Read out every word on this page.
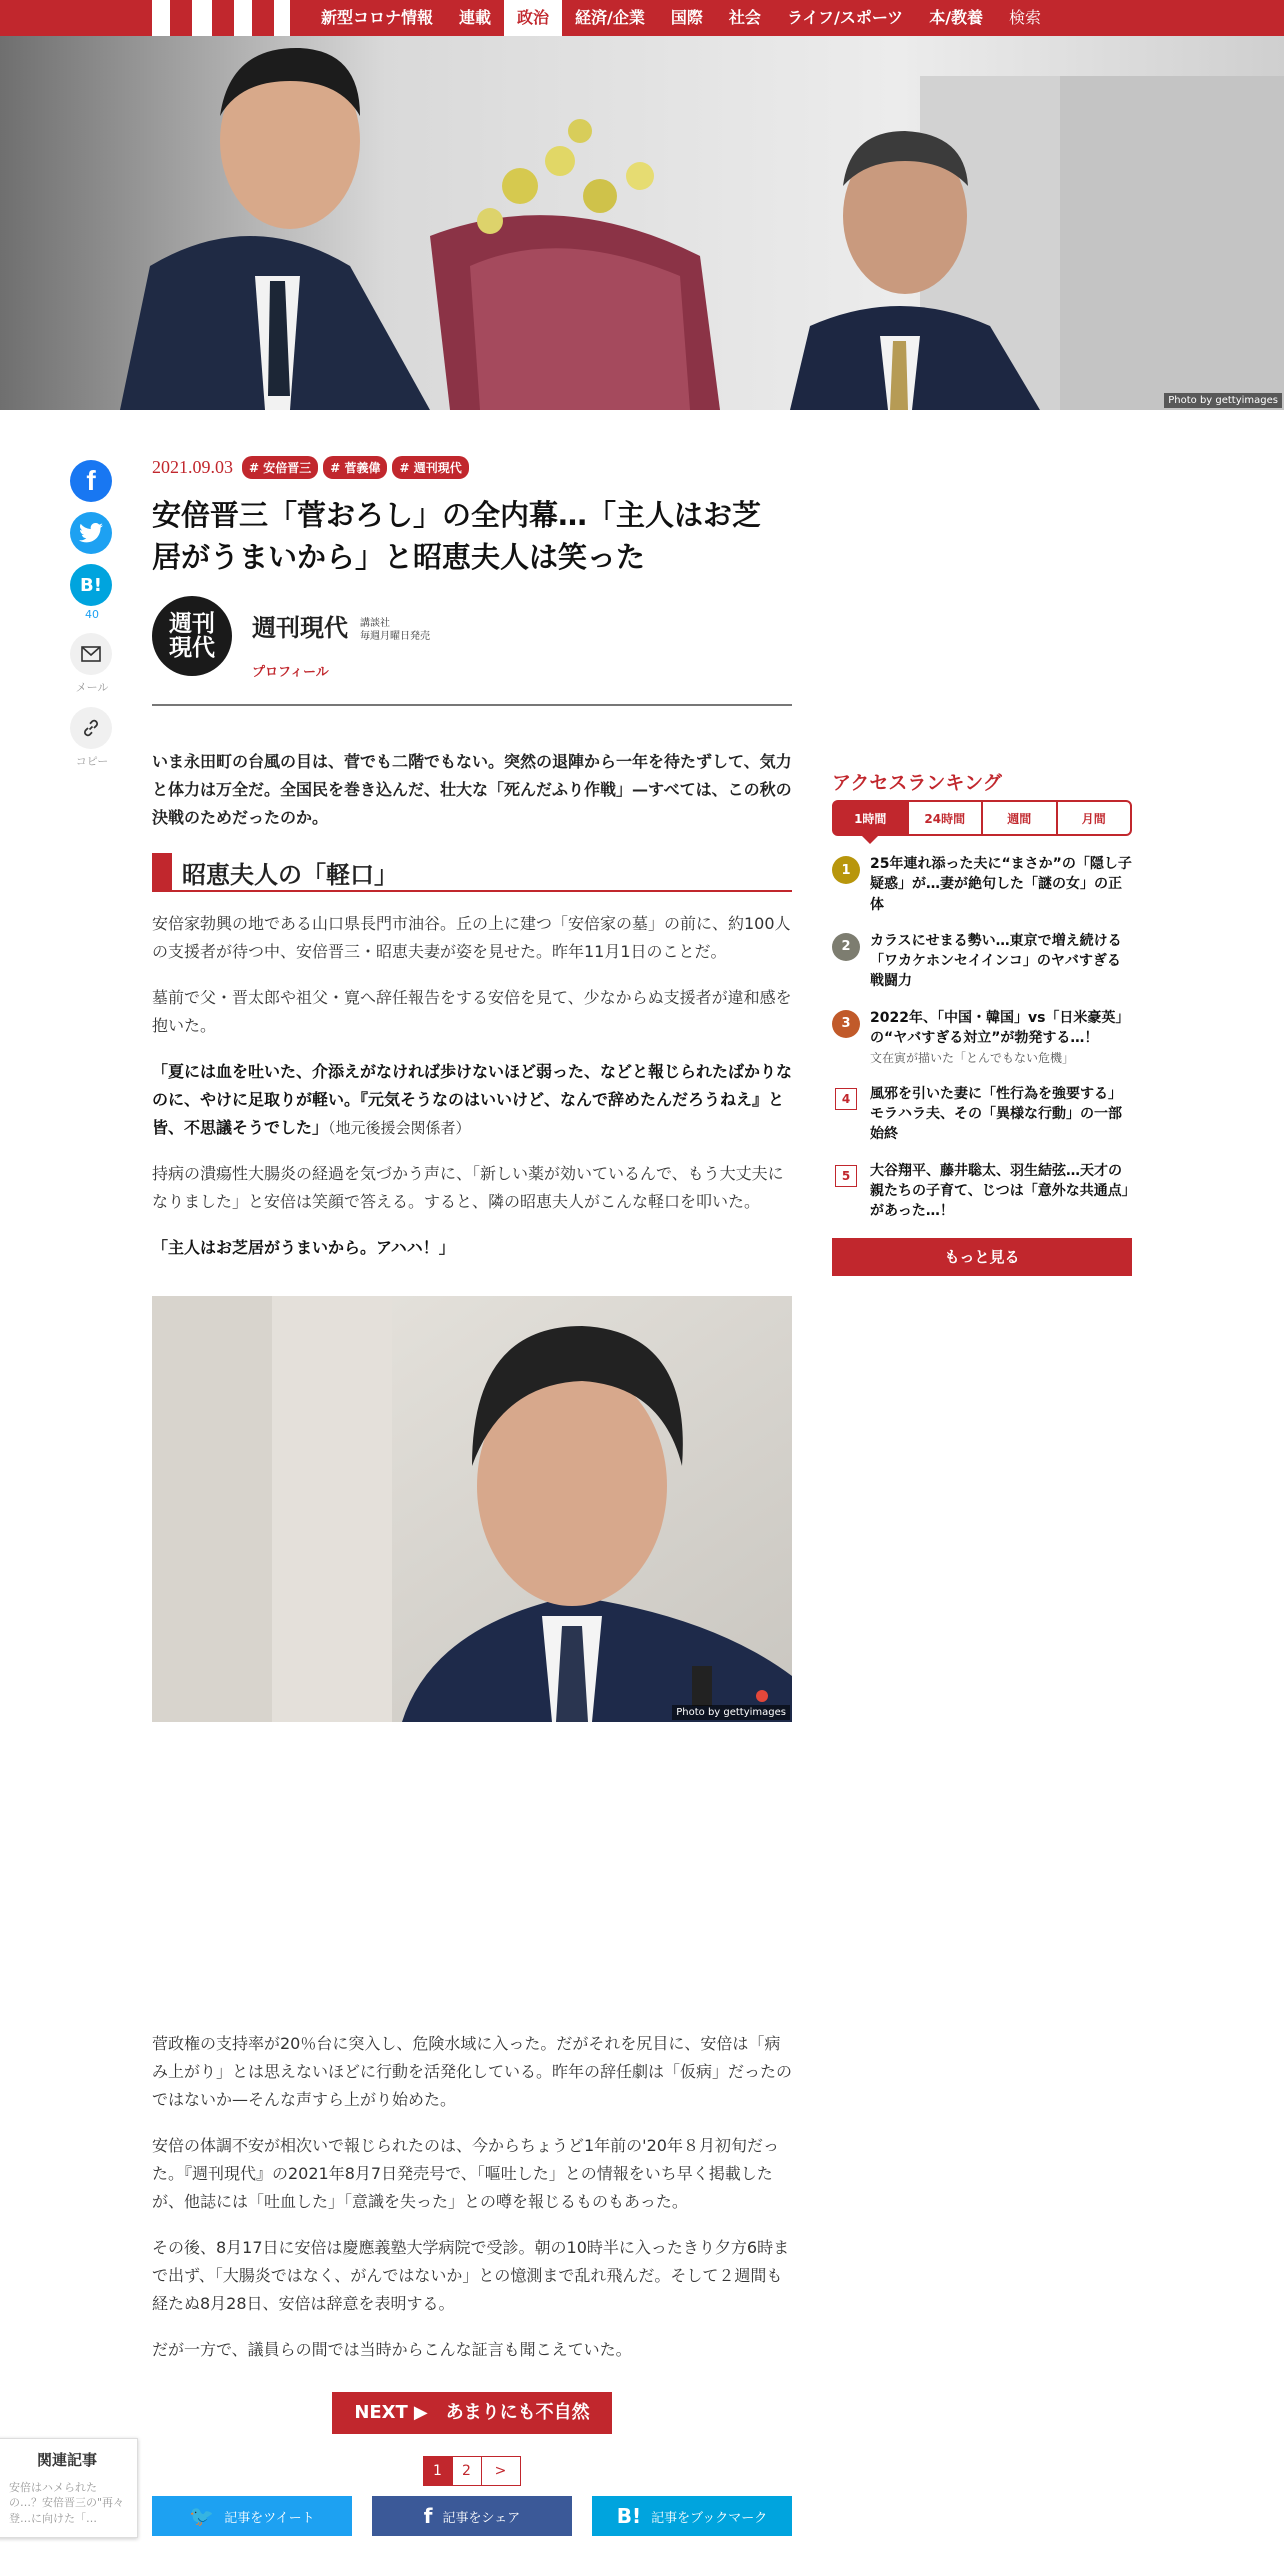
新型コロナ情報	連載	政治	経済/企業	国際	社会	ライフ/スポーツ	本/教養	検索
Photo by gettyimages
f
B!
40
メール
コピー
2021.09.03	# 安倍晋三	# 菅義偉	# 週刊現代
安倍晋三「菅おろし」の全内幕…「主人はお芝居がうまいから」と昭恵夫人は笑った
週刊現代
週刊現代 講談社
毎週月曜日発売
プロフィール

いま永田町の台風の目は、菅でも二階でもない。突然の退陣から一年を待たずして、気力と体力は万全だ。全国民を巻き込んだ、壮大な「死んだふり作戦」—すべては、この秋の決戦のためだったのか。

昭恵夫人の「軽口」

安倍家勃興の地である山口県長門市油谷。丘の上に建つ「安倍家の墓」の前に、約100人の支援者が待つ中、安倍晋三・昭恵夫妻が姿を見せた。昨年11月1日のことだ。

墓前で父・晋太郎や祖父・寛へ辞任報告をする安倍を見て、少なからぬ支援者が違和感を抱いた。

「夏には血を吐いた、介添えがなければ歩けないほど弱った、などと報じられたばかりなのに、やけに足取りが軽い。『元気そうなのはいいけど、なんで辞めたんだろうねえ』と皆、不思議そうでした」（地元後援会関係者）

持病の潰瘍性大腸炎の経過を気づかう声に、「新しい薬が効いているんで、もう大丈夫になりました」と安倍は笑顔で答える。すると、隣の昭恵夫人がこんな軽口を叩いた。

「主人はお芝居がうまいから。アハハ！」

Photo by gettyimages

菅政権の支持率が20％台に突入し、危険水域に入った。だがそれを尻目に、安倍は「病み上がり」とは思えないほどに行動を活発化している。昨年の辞任劇は「仮病」だったのではないか—そんな声すら上がり始めた。

安倍の体調不安が相次いで報じられたのは、今からちょうど1年前の'20年８月初旬だった。『週刊現代』の2021年8月7日発売号で、「嘔吐した」との情報をいち早く掲載したが、他誌には「吐血した」「意識を失った」との噂を報じるものもあった。

その後、8月17日に安倍は慶應義塾大学病院で受診。朝の10時半に入ったきり夕方6時まで出ず、「大腸炎ではなく、がんではないか」との憶測まで乱れ飛んだ。そして２週間も経たぬ8月28日、安倍は辞意を表明する。

だが一方で、議員らの間では当時からこんな証言も聞こえていた。

NEXT ▶ あまりにも不自然
1	2	>
🐦 記事をツイート	f 記事をシェア	B! 記事をブックマーク
アクセスランキング
1時間	24時間	週間	月間
1	25年連れ添った夫に“まさか”の「隠し子疑惑」が…妻が絶句した「謎の女」の正体
2	カラスにせまる勢い…東京で増え続ける「ワカケホンセイインコ」のヤバすぎる戦闘力
3	2022年、「中国・韓国」vs「日米豪英」の“ヤバすぎる対立”が勃発する…！
文在寅が描いた「とんでもない危機」
4	風邪を引いた妻に「性行為を強要する」モラハラ夫、その「異様な行動」の一部始終
5	大谷翔平、藤井聡太、羽生結弦…天才の親たちの子育て、じつは「意外な共通点」があった…！
もっと見る
関連記事
安倍はハメられたの…？安倍晋三の"再々登…に向けた「…
